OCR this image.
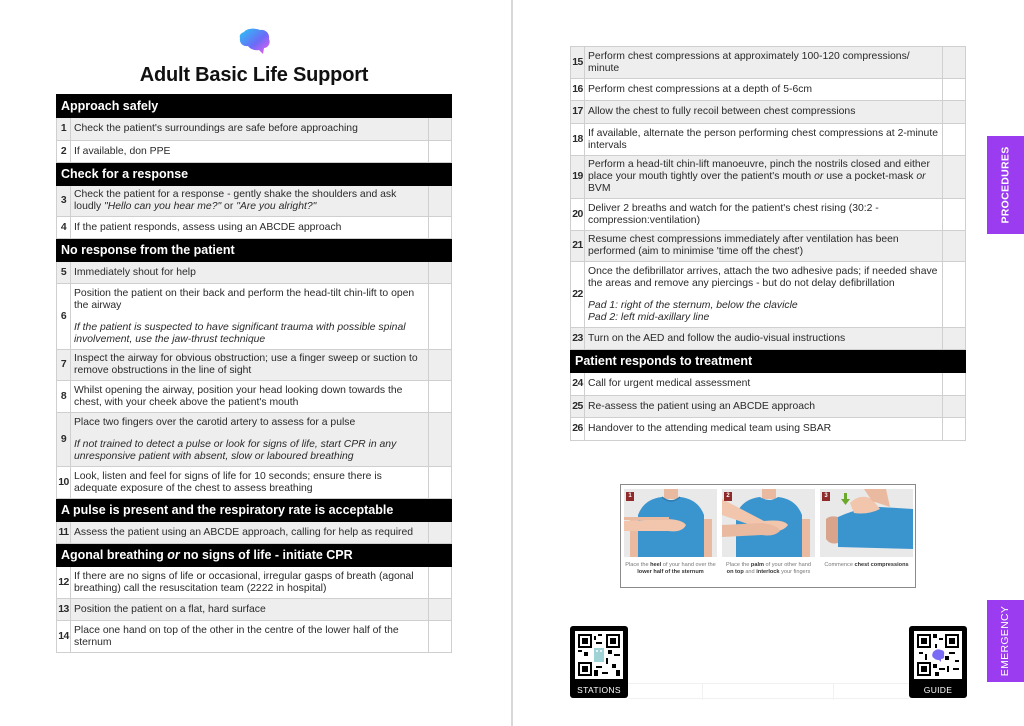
Adult Basic Life Support
Approach safely		
1	Check the patient's surroundings are safe before approaching	
2	If available, don PPE	
Check for a response		
3	Check the patient for a response - gently shake the shoulders and ask loudly "Hello can you hear me?" or "Are you alright?"	
4	If the patient responds, assess using an ABCDE approach	
No response from the patient		
5	Immediately shout for help	
6	Position the patient on their back and perform the head-tilt chin-lift to open the airway
If the patient is suspected to have significant trauma with possible spinal involvement, use the jaw-thrust technique	

7	Inspect the airway for obvious obstruction; use a finger sweep or suction to remove obstructions in the line of sight	
8	Whilst opening the airway, position your head looking down towards the chest, with your cheek above the patient's mouth	
9	Place two fingers over the carotid artery to assess for a pulse
If not trained to detect a pulse or look for signs of life, start CPR in any unresponsive patient with absent, slow or laboured breathing	

10	Look, listen and feel for signs of life for 10 seconds; ensure there is adequate exposure of the chest to assess breathing	
A pulse is present and the respiratory rate is acceptable		
11	Assess the patient using an ABCDE approach, calling for help as required	
Agonal breathing or no signs of life - initiate CPR		
12	If there are no signs of life or occasional, irregular gasps of breath (agonal breathing) call the resuscitation team (2222 in hospital)	
13	Position the patient on a flat, hard surface	
14	Place one hand on top of the other in the centre of the lower half of the sternum	
15	Perform chest compressions at approximately 100-120 compressions/ minute	
16	Perform chest compressions at a depth of 5-6cm	
17	Allow the chest to fully recoil between chest compressions	
18	If available, alternate the person performing chest compressions at 2-minute intervals	
19	Perform a head-tilt chin-lift manoeuvre, pinch the nostrils closed and either place your mouth tightly over the patient's mouth or use a pocket-mask or BVM	
20	Deliver 2 breaths and watch for the patient's chest rising (30:2 - compression:ventilation)	
21	Resume chest compressions immediately after ventilation has been performed (aim to minimise 'time off the chest')	
22	Once the defibrillator arrives, attach the two adhesive pads; if needed shave the areas and remove any piercings - but do not delay defibrillation
Pad 1: right of the sternum, below the clavicle
Pad 2: left mid-axillary line	
23	Turn on the AED and follow the audio-visual instructions	
Patient responds to treatment		
24	Call for urgent medical assessment	
25	Re-assess the patient using an ABCDE approach	
26	Handover to the attending medical team using SBAR	
1
Place the heel of your hand over the lower half of the sternum
2
Place the palm of your other hand on top and interlock your fingers
3
Commence chest compressions
STATIONS	GUIDE
PROCEDURES
EMERGENCY
